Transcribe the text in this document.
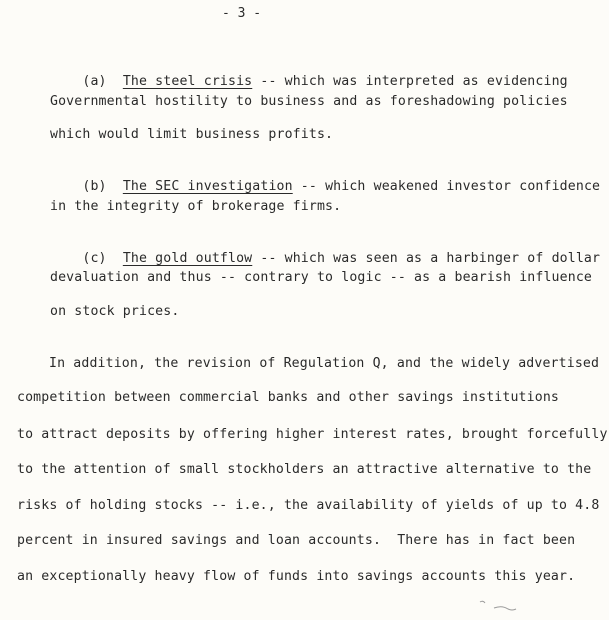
- 3 -

(a) The steel crisis -- which was interpreted as evidencing

Governmental hostility to business and as foreshadowing policies
which would limit business profits.

(b) The SEC investigation -- which weakened investor confidence

in the integrity of brokerage firms.

(c) The gold outflow -- which was seen as a harbinger of dollar

devaluation and thus -- contrary to logic -- as a bearish influence
on stock prices.
In addition, the revision of Regulation Q, and the widely advertised
competition between commercial banks and other savings institutions
to attract deposits by offering higher interest rates, brought forcefully
to the attention of small stockholders an attractive alternative to the
risks of holding stocks -- i.e., the availability of yields of up to 4.8
percent in insured savings and loan accounts.  There has in fact been
an exceptionally heavy flow of funds into savings accounts this year.
